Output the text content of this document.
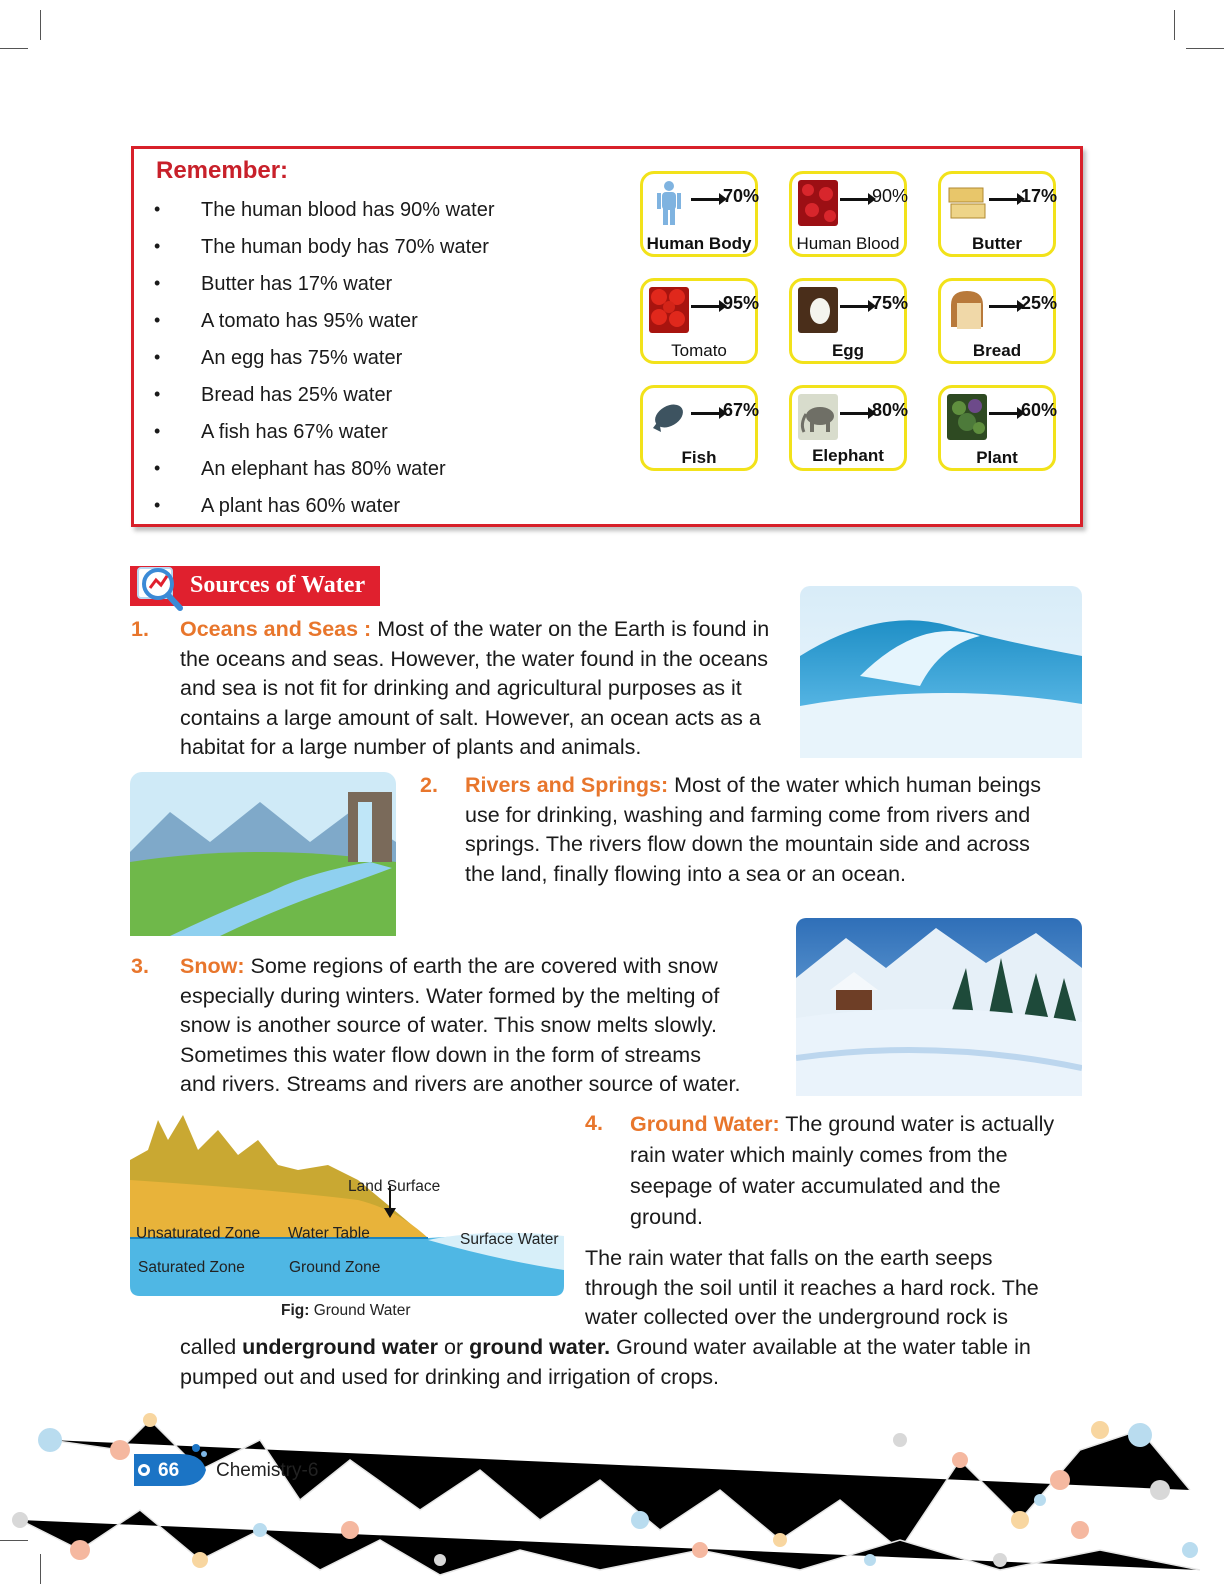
Remember:
• The human blood has 90% water
• The human body has 70% water
• Butter has 17% water
• A tomato has 95% water
• An egg has 75% water
• Bread has 25% water
• A fish has 67% water
• An elephant has 80% water
• A plant has 60% water
70%
Human Body
90%
Human Blood
17%
Butter
95%
Tomato
75%
Egg
25%
Bread
67%
Fish
80%
Elephant
60%
Plant
Sources of Water
1. Oceans and Seas : Most of the water on the Earth is found in
the oceans and seas. However, the water found in the oceans
and sea is not fit for drinking and agricultural purposes as it
contains a large amount of salt. However, an ocean acts as a
habitat for a large number of plants and animals.
2. Rivers and Springs: Most of the water which human beings
use for drinking, washing and farming come from rivers and
springs. The rivers flow down the mountain side and across
the land, finally flowing into a sea or an ocean.
3. Snow: Some regions of earth the are covered with snow
especially during winters. Water formed by the melting of
snow is another source of water. This snow melts slowly.
Sometimes this water flow down in the form of streams
and rivers. Streams and rivers are another source of water.
Land Surface
Unsaturated Zone Water Table	Surface Water
Saturated Zone	Ground Zone
Fig: Ground Water
4. Ground Water: The ground water is actually
rain water which mainly comes from the
seepage of water accumulated and the
ground.
The rain water that falls on the earth seeps
through the soil until it reaches a hard rock. The
water collected over the underground rock is
called underground water or ground water. Ground water available at the water table in
pumped out and used for drinking and irrigation of crops.
66 Chemistry-6
